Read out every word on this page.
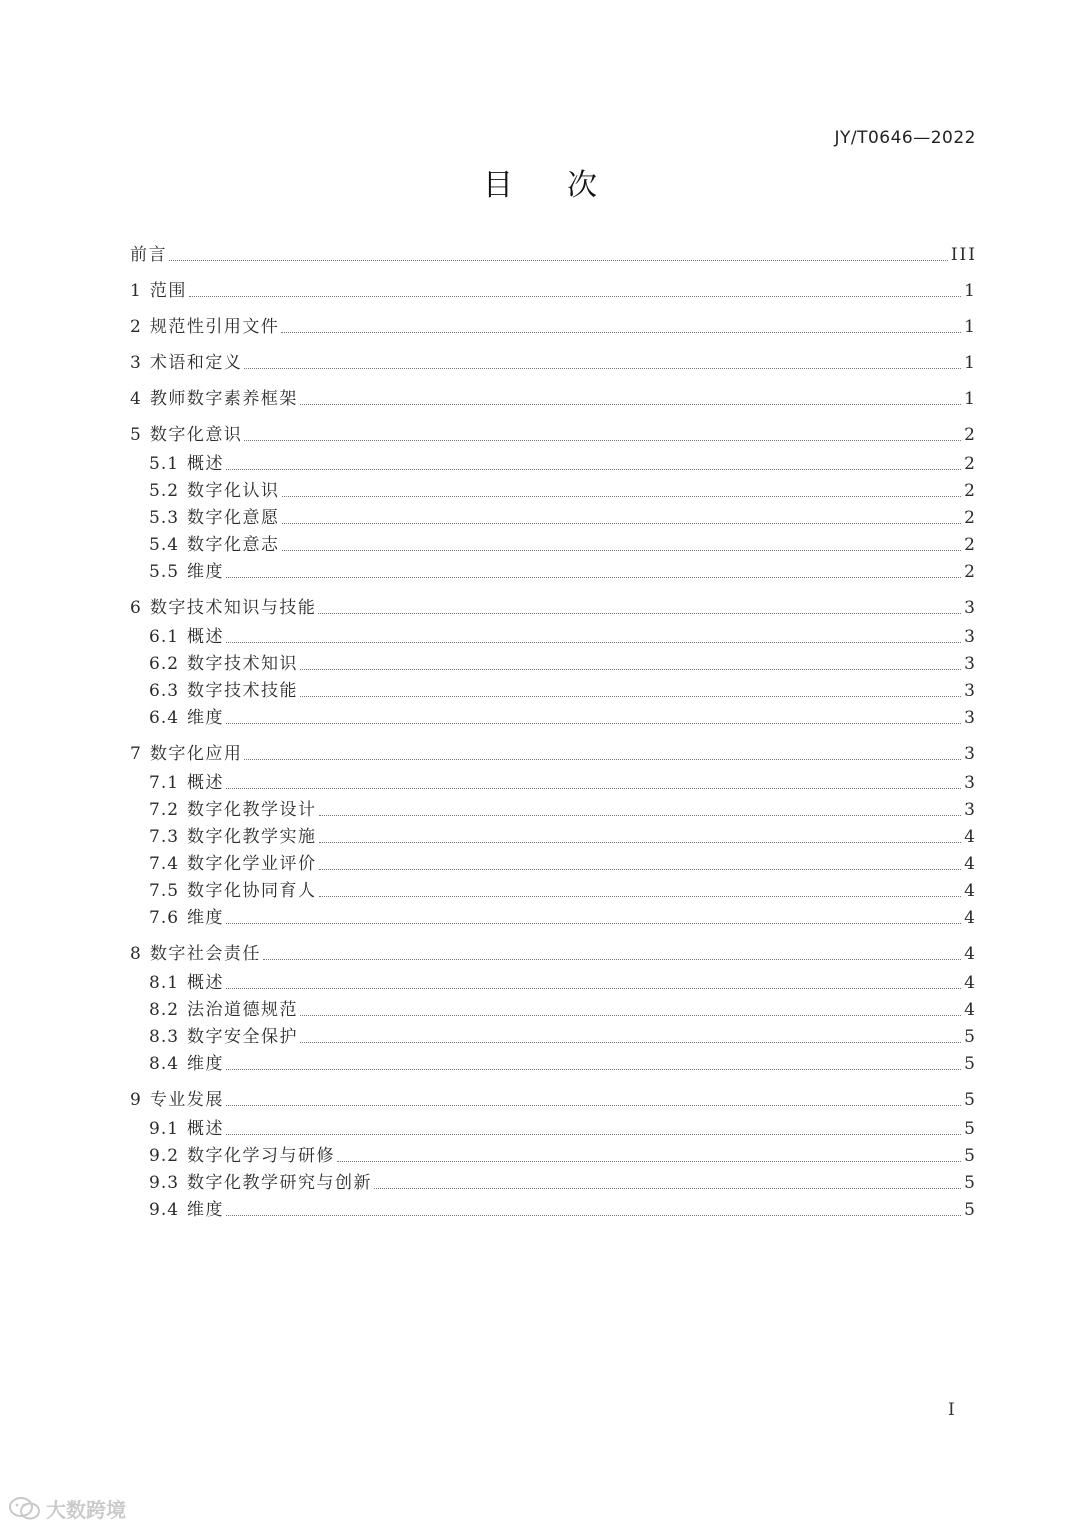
JY/T0646—2022
目 次
前言	III
1 范围	1
2 规范性引用文件	1
3 术语和定义	1
4 教师数字素养框架	1
5 数字化意识	2
5.1 概述	2
5.2 数字化认识	2
5.3 数字化意愿	2
5.4 数字化意志	2
5.5 维度	2
6 数字技术知识与技能	3
6.1 概述	3
6.2 数字技术知识	3
6.3 数字技术技能	3
6.4 维度	3
7 数字化应用	3
7.1 概述	3
7.2 数字化教学设计	3
7.3 数字化教学实施	4
7.4 数字化学业评价	4
7.5 数字化协同育人	4
7.6 维度	4
8 数字社会责任	4
8.1 概述	4
8.2 法治道德规范	4
8.3 数字安全保护	5
8.4 维度	5
9 专业发展	5
9.1 概述	5
9.2 数字化学习与研修	5
9.3 数字化教学研究与创新	5
9.4 维度	5
I
大数跨境
